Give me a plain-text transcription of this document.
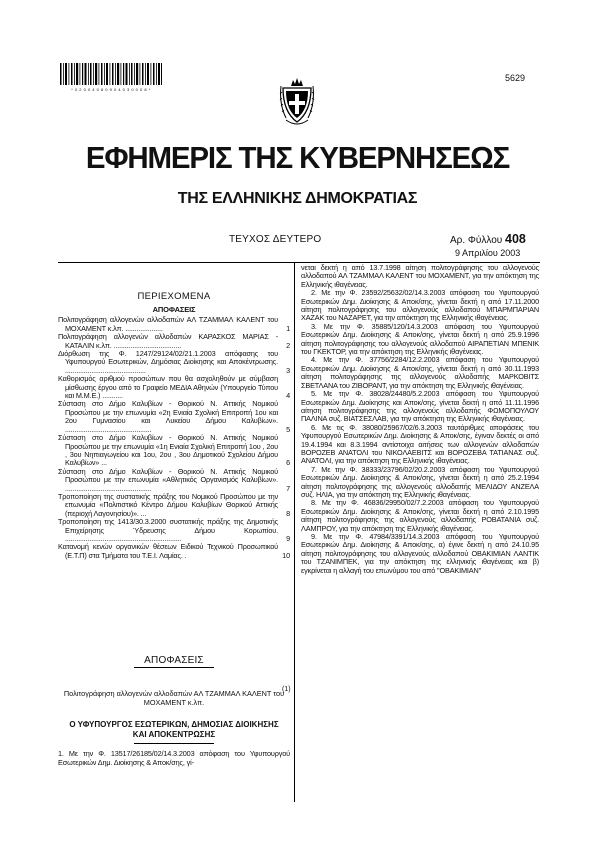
* 0 2 0 0 4 0 8 0 9 0 4 0 3 0 0 0 8 *
5629
ΕΦΗΜΕΡΙΣ ΤΗΣ ΚΥΒΕΡΝΗΣΕΩΣ
ΤΗΣ ΕΛΛΗΝΙΚΗΣ ΔΗΜΟΚΡΑΤΙΑΣ
ΤΕΥΧΟΣ ΔΕΥΤΕΡΟ	Αρ. Φύλλου 408
9 Απριλίου 2003
ΠΕΡΙΕΧΟΜΕΝΑ
ΑΠΟΦΑΣΕΙΣ

Πολιτογράφηση αλλογενών αλλοδαπών ΑΛ ΤΖΑΜΜΑΛ ΚΑΛΕΝΤ του ΜΟΧΑΜΕΝΤ κ.λπ. ....................	1

Πολιτογράφηση αλλογενών αλλοδαπών ΚΑΡΑΣΚΟΣ ΜΑΡΙΑΣ - ΚΑΤΑΛΙΝ κ.λπ. ....................................	2

Διόρθωση της Φ. 1247/29124/02/21.1.2003 απόφασης του Υφυπουργού Εσωτερικών, Δημόσιας Διοίκησης και Αποκέντρωσης. ...........................................	3

Καθορισμός αριθμού προσώπων που θα ασχοληθούν με σύμβαση μίσθωσης έργου από το Γραφείο ΜΕΔΙΑ Αθηνών (Υπουργείο Τύπου και Μ.Μ.Ε.) ...........	4

Σύσταση στο Δήμο Καλυβίων - Θορικού Ν. Αττικής Νομικού Προσώπου με την επωνυμία «2η Ενιαία Σχολική Επιτροπή 1ου και 2ου Γυμνασίου και Λυκείου Δήμου Καλυβίων». ..............................................	5

Σύσταση στο Δήμο Καλυβίων - Θορικού Ν. Αττικής Νομικού Προσώπου με την επωνυμία «1η Ενιαία Σχολική Επιτροπή 1ου , 2ου , 3ου Νηπιαγωγείου και 1ου, 2ου , 3ου Δημοτικού Σχολείου Δήμου Καλυβίων» ...	6

Σύσταση στο Δήμο Καλυβίων - Θορικού Ν. Αττικής Νομικού Προσώπου με την επωνυμία «Αθλητικός Οργανισμός Καλυβίων». ..............................................	7

Τροποποίηση της συστατικής πράξης του Νομικού Προσώπου με την επωνυμία «Πολιτιστικό Κέντρο Δήμου Καλυβίων Θορικού Αττικής (περιοχή Λαγονησίου)». ...	8

Τροποποίηση της 1413/30.3.2000 συστατικής πράξης της Δημοτικής Επιχείρησης Ύδρευσης Δήμου Κορωπίου. ..............................................................	9

Κατανομή κενών οργανικών θέσεων Ειδικού Τεχνικού Προσωπικού (Ε.Τ.Π) στα Τμήματα του Τ.Ε.Ι. Λαμίας. .	10
ΑΠΟΦΑΣΕΙΣ
(1)
Πολιτογράφηση αλλογενών αλλοδαπών ΑΛ ΤΖΑΜΜΑΛ ΚΑΛΕΝΤ του ΜΟΧΑΜΕΝΤ κ.λπ.
Ο ΥΦΥΠΟΥΡΓΟΣ ΕΣΩΤΕΡΙΚΩΝ, ΔΗΜΟΣΙΑΣ ΔΙΟΙΚΗΣΗΣ ΚΑΙ ΑΠΟΚΕΝΤΡΩΣΗΣ
1. Με την Φ. 13517/26185/02/14.3.2003 απόφαση του Υφυπουργού Εσωτερικών Δημ. Διοίκησης & Αποκ/σης, γί-

νεται δεκτή η από 13.7.1998 αίτηση πολιτογράφησης του αλλογενούς αλλοδαπού ΑΛ ΤΖΑΜΜΑΛ ΚΑΛΕΝΤ του ΜΟΧΑΜΕΝΤ, για την απόκτηση της Ελληνικής ιθαγένειας.

2. Με την Φ. 23592/25632/02/14.3.2003 απόφαση του Υφυπουργού Εσωτερικών Δημ. Διοίκησης & Αποκ/σης, γίνεται δεκτή η από 17.11.2000 αίτηση πολιτογράφησης του αλλογενούς αλλοδαπού ΜΠΑΡΜΠΑΡΙΑΝ ΧΑΖΑΚ του ΝΑΖΑΡΕΤ, για την απόκτηση της Ελληνικής ιθαγένειας.

3. Με την Φ. 35885/120/14.3.2003 απόφαση του Υφυπουργού Εσωτερικών Δημ. Διοίκησης & Αποκ/σης, γίνεται δεκτή η από 25.9.1996 αίτηση πολιτογράφησης του αλλογενούς αλλοδαπού ΑΙΡΑΠΕΤΙΑΝ ΜΠΕΝΙΚ του ΓΚΕΚΤΟΡ, για την απόκτηση της Ελληνικής ιθαγένειας.

4. Με την Φ. 37756/2284/12.2.2003 απόφαση του Υφυπουργού Εσωτερικών Δημ. Διοίκησης & Αποκ/σης, γίνεται δεκτή η από 30.11.1993 αίτηση πολιτογράφησης της αλλογενούς αλλοδαπής ΜΑΡΚΟΒΙΤΣ ΣΒΕΤΛΑΝΑ του ΖΙΒΟΡΑΝΤ, για την απόκτηση της Ελληνικής ιθαγένειας.

5. Με την Φ. 38028/24480/5.2.2003 απόφαση του Υφυπουργού Εσωτερικών Δημ. Διοίκησης και Αποκ/σης, γίνεται δεκτή η από 11.11.1996 αίτηση πολιτογράφησης της αλλογενούς αλλοδαπής ΦΩΜΟΠΟΥΛΟΥ ΠΑΛΙΝΑ συζ. ΒΙΑΤΣΕΣΛΑΒ, για την απόκτηση της Ελληνικής ιθαγένειας.

6. Με τις Φ. 38080/25967/02/6.3.2003 ταυτάριθμες αποφάσεις του Υφυπουργού Εσωτερικών Δημ. Διοίκησης & Αποκ/σης, έγιναν δεκτές οι από 19.4.1994 και 8.3.1994 αντίστοιχα αιτήσεις των αλλογενών αλλοδαπών ΒΟΡΟΖΕΒ ΑΝΑΤΟΛΙ του ΝΙΚΟΛΑΕΒΙΤΣ και ΒΟΡΟΖΕΒΑ ΤΑΤΙΑΝΑΣ συζ. ΑΝΑΤΟΛΙ, για την απόκτηση της Ελληνικής ιθαγένειας.

7. Με την Φ. 38333/23796/02/20.2.2003 απόφαση του Υφυπουργού Εσωτερικών Δημ. Διοίκησης & Αποκ/σης, γίνεται δεκτή η από 25.2.1994 αίτηση πολιτογράφησης της αλλογενούς αλλοδαπής ΜΕΛΙΔΟΥ ΑΝΖΕΛΑ συζ. ΗΛΙΑ, για την απόκτηση της Ελληνικής ιθαγένειας.

8. Με την Φ. 46836/29950/02/7.2.2003 απόφαση του Υφυπουργού Εσωτερικών Δημ. Διοίκησης & Αποκ/σης, γίνεται δεκτή η από 2.10.1995 αίτηση πολιτογράφησης της αλλογενούς αλλοδαπής ΡΟΒΑΤΑΝΙΑ συζ. ΛΑΜΠΡΟΥ, για την απόκτηση της Ελληνικής ιθαγένειας.

9. Με την Φ. 47984/3391/14.3.2003 απόφαση του Υφυπουργού Εσωτερικών Δημ. Διοίκησης & Αποκ/σης, α) έγινε δεκτή η από 24.10.95 αίτηση πολιτογράφησης του αλλογενούς αλλοδαπού ΟΒΑΚΙΜΙΑΝ ΛΑΝΤΙΚ του ΤΖΑΝΙΜΠΕΚ, για την απόκτηση της ελληνικής ιθαγένειας και β) εγκρίνεται η αλλαγή του επωνύμου του από "ΟΒΑΚΙΜΙΑΝ"
